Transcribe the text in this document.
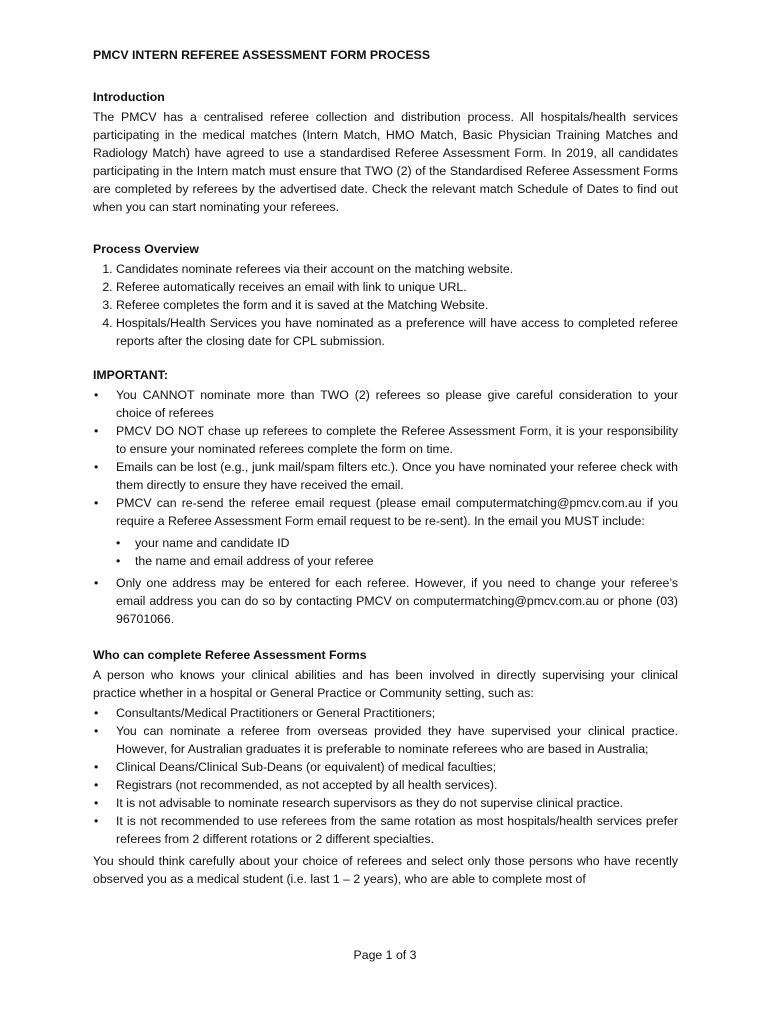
PMCV INTERN REFEREE ASSESSMENT FORM PROCESS
Introduction

The PMCV has a centralised referee collection and distribution process. All hospitals/health services participating in the medical matches (Intern Match, HMO Match, Basic Physician Training Matches and Radiology Match) have agreed to use a standardised Referee Assessment Form. In 2019, all candidates participating in the Intern match must ensure that TWO (2) of the Standardised Referee Assessment Forms are completed by referees by the advertised date. Check the relevant match Schedule of Dates to find out when you can start nominating your referees.

Process Overview
1. Candidates nominate referees via their account on the matching website.
2. Referee automatically receives an email with link to unique URL.
3. Referee completes the form and it is saved at the Matching Website.
4. Hospitals/Health Services you have nominated as a preference will have access to completed referee reports after the closing date for CPL submission.
IMPORTANT:
• You CANNOT nominate more than TWO (2) referees so please give careful consideration to your choice of referees
• PMCV DO NOT chase up referees to complete the Referee Assessment Form, it is your responsibility to ensure your nominated referees complete the form on time.
• Emails can be lost (e.g., junk mail/spam filters etc.). Once you have nominated your referee check with them directly to ensure they have received the email.
• PMCV can re-send the referee email request (please email computermatching@pmcv.com.au if you require a Referee Assessment Form email request to be re-sent). In the email you MUST include:
• your name and candidate ID
• the name and email address of your referee
• Only one address may be entered for each referee. However, if you need to change your referee’s email address you can do so by contacting PMCV on computermatching@pmcv.com.au or phone (03) 96701066.
Who can complete Referee Assessment Forms

A person who knows your clinical abilities and has been involved in directly supervising your clinical practice whether in a hospital or General Practice or Community setting, such as:

• Consultants/Medical Practitioners or General Practitioners;
• You can nominate a referee from overseas provided they have supervised your clinical practice. However, for Australian graduates it is preferable to nominate referees who are based in Australia;
• Clinical Deans/Clinical Sub-Deans (or equivalent) of medical faculties;
• Registrars (not recommended, as not accepted by all health services).
• It is not advisable to nominate research supervisors as they do not supervise clinical practice.
• It is not recommended to use referees from the same rotation as most hospitals/health services prefer referees from 2 different rotations or 2 different specialties.

You should think carefully about your choice of referees and select only those persons who have recently observed you as a medical student (i.e. last 1 – 2 years), who are able to complete most of

Page 1 of 3
